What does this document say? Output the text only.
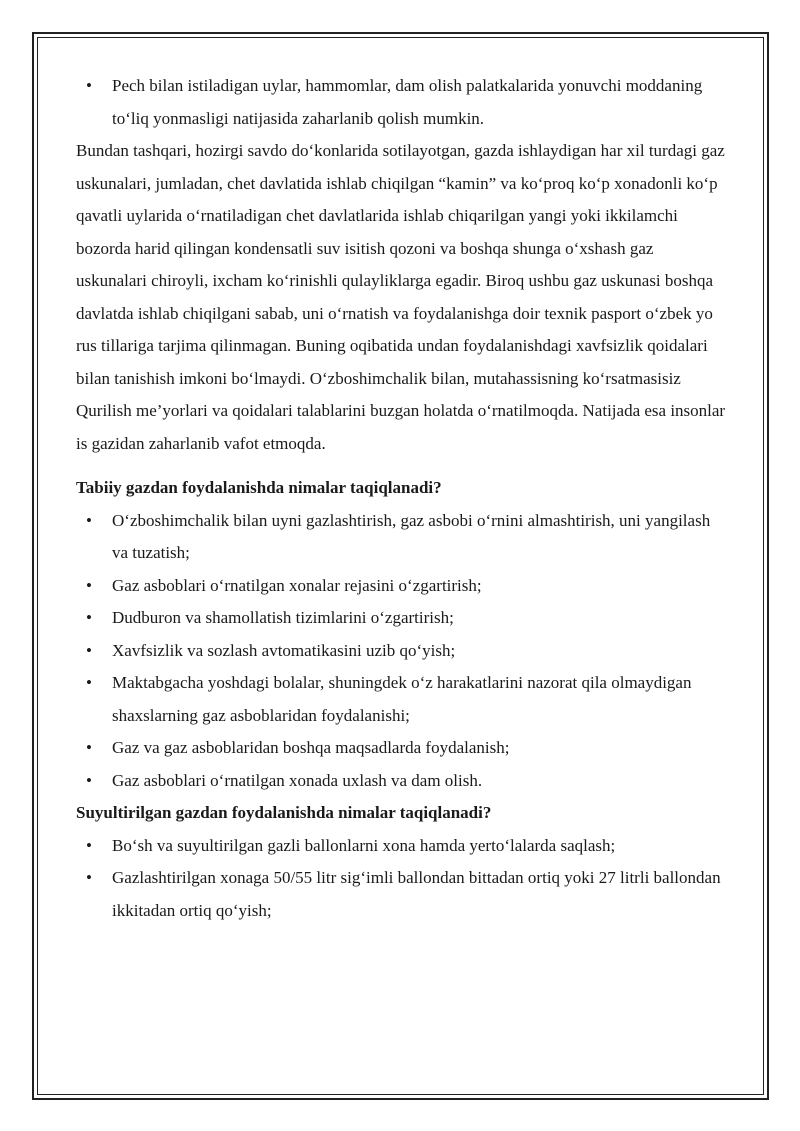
• Pech bilan istiladigan uylar, hammomlar, dam olish palatkalarida yonuvchi moddaning to‘liq yonmasligi natijasida zaharlanib qolish mumkin.

Bundan tashqari, hozirgi savdo do‘konlarida sotilayotgan, gazda ishlaydigan har xil turdagi gaz uskunalari, jumladan, chet davlatida ishlab chiqilgan “kamin” va ko‘proq ko‘p xonadonli ko‘p qavatli uylarida o‘rnatiladigan chet davlatlarida ishlab chiqarilgan yangi yoki ikkilamchi bozorda harid qilingan kondensatli suv isitish qozoni va boshqa shunga o‘xshash gaz uskunalari chiroyli, ixcham ko‘rinishli qulayliklarga egadir. Biroq ushbu gaz uskunasi boshqa davlatda ishlab chiqilgani sabab, uni o‘rnatish va foydalanishga doir texnik pasport o‘zbek yo rus tillariga tarjima qilinmagan. Buning oqibatida undan foydalanishdagi xavfsizlik qoidalari bilan tanishish imkoni bo‘lmaydi. O‘zboshimchalik bilan, mutahassisning ko‘rsatmasisiz Qurilish me’yorlari va qoidalari talablarini buzgan holatda o‘rnatilmoqda. Natijada esa insonlar is gazidan zaharlanib vafot etmoqda.

Tabiiy gazdan foydalanishda nimalar taqiqlanadi?

• O‘zboshimchalik bilan uyni gazlashtirish, gaz asbobi o‘rnini almashtirish, uni yangilash va tuzatish;
• Gaz asboblari o‘rnatilgan xonalar rejasini o‘zgartirish;
• Dudburon va shamollatish tizimlarini o‘zgartirish;
• Xavfsizlik va sozlash avtomatikasini uzib qo‘yish;
• Maktabgacha yoshdagi bolalar, shuningdek o‘z harakatlarini nazorat qila olmaydigan shaxslarning gaz asboblaridan foydalanishi;
• Gaz va gaz asboblaridan boshqa maqsadlarda foydalanish;
• Gaz asboblari o‘rnatilgan xonada uxlash va dam olish.

Suyultirilgan gazdan foydalanishda nimalar taqiqlanadi?

• Bo‘sh va suyultirilgan gazli ballonlarni xona hamda yerto‘lalarda saqlash;
• Gazlashtirilgan xonaga 50/55 litr sig‘imli ballondan bittadan ortiq yoki 27 litrli ballondan ikkitadan ortiq qo‘yish;
